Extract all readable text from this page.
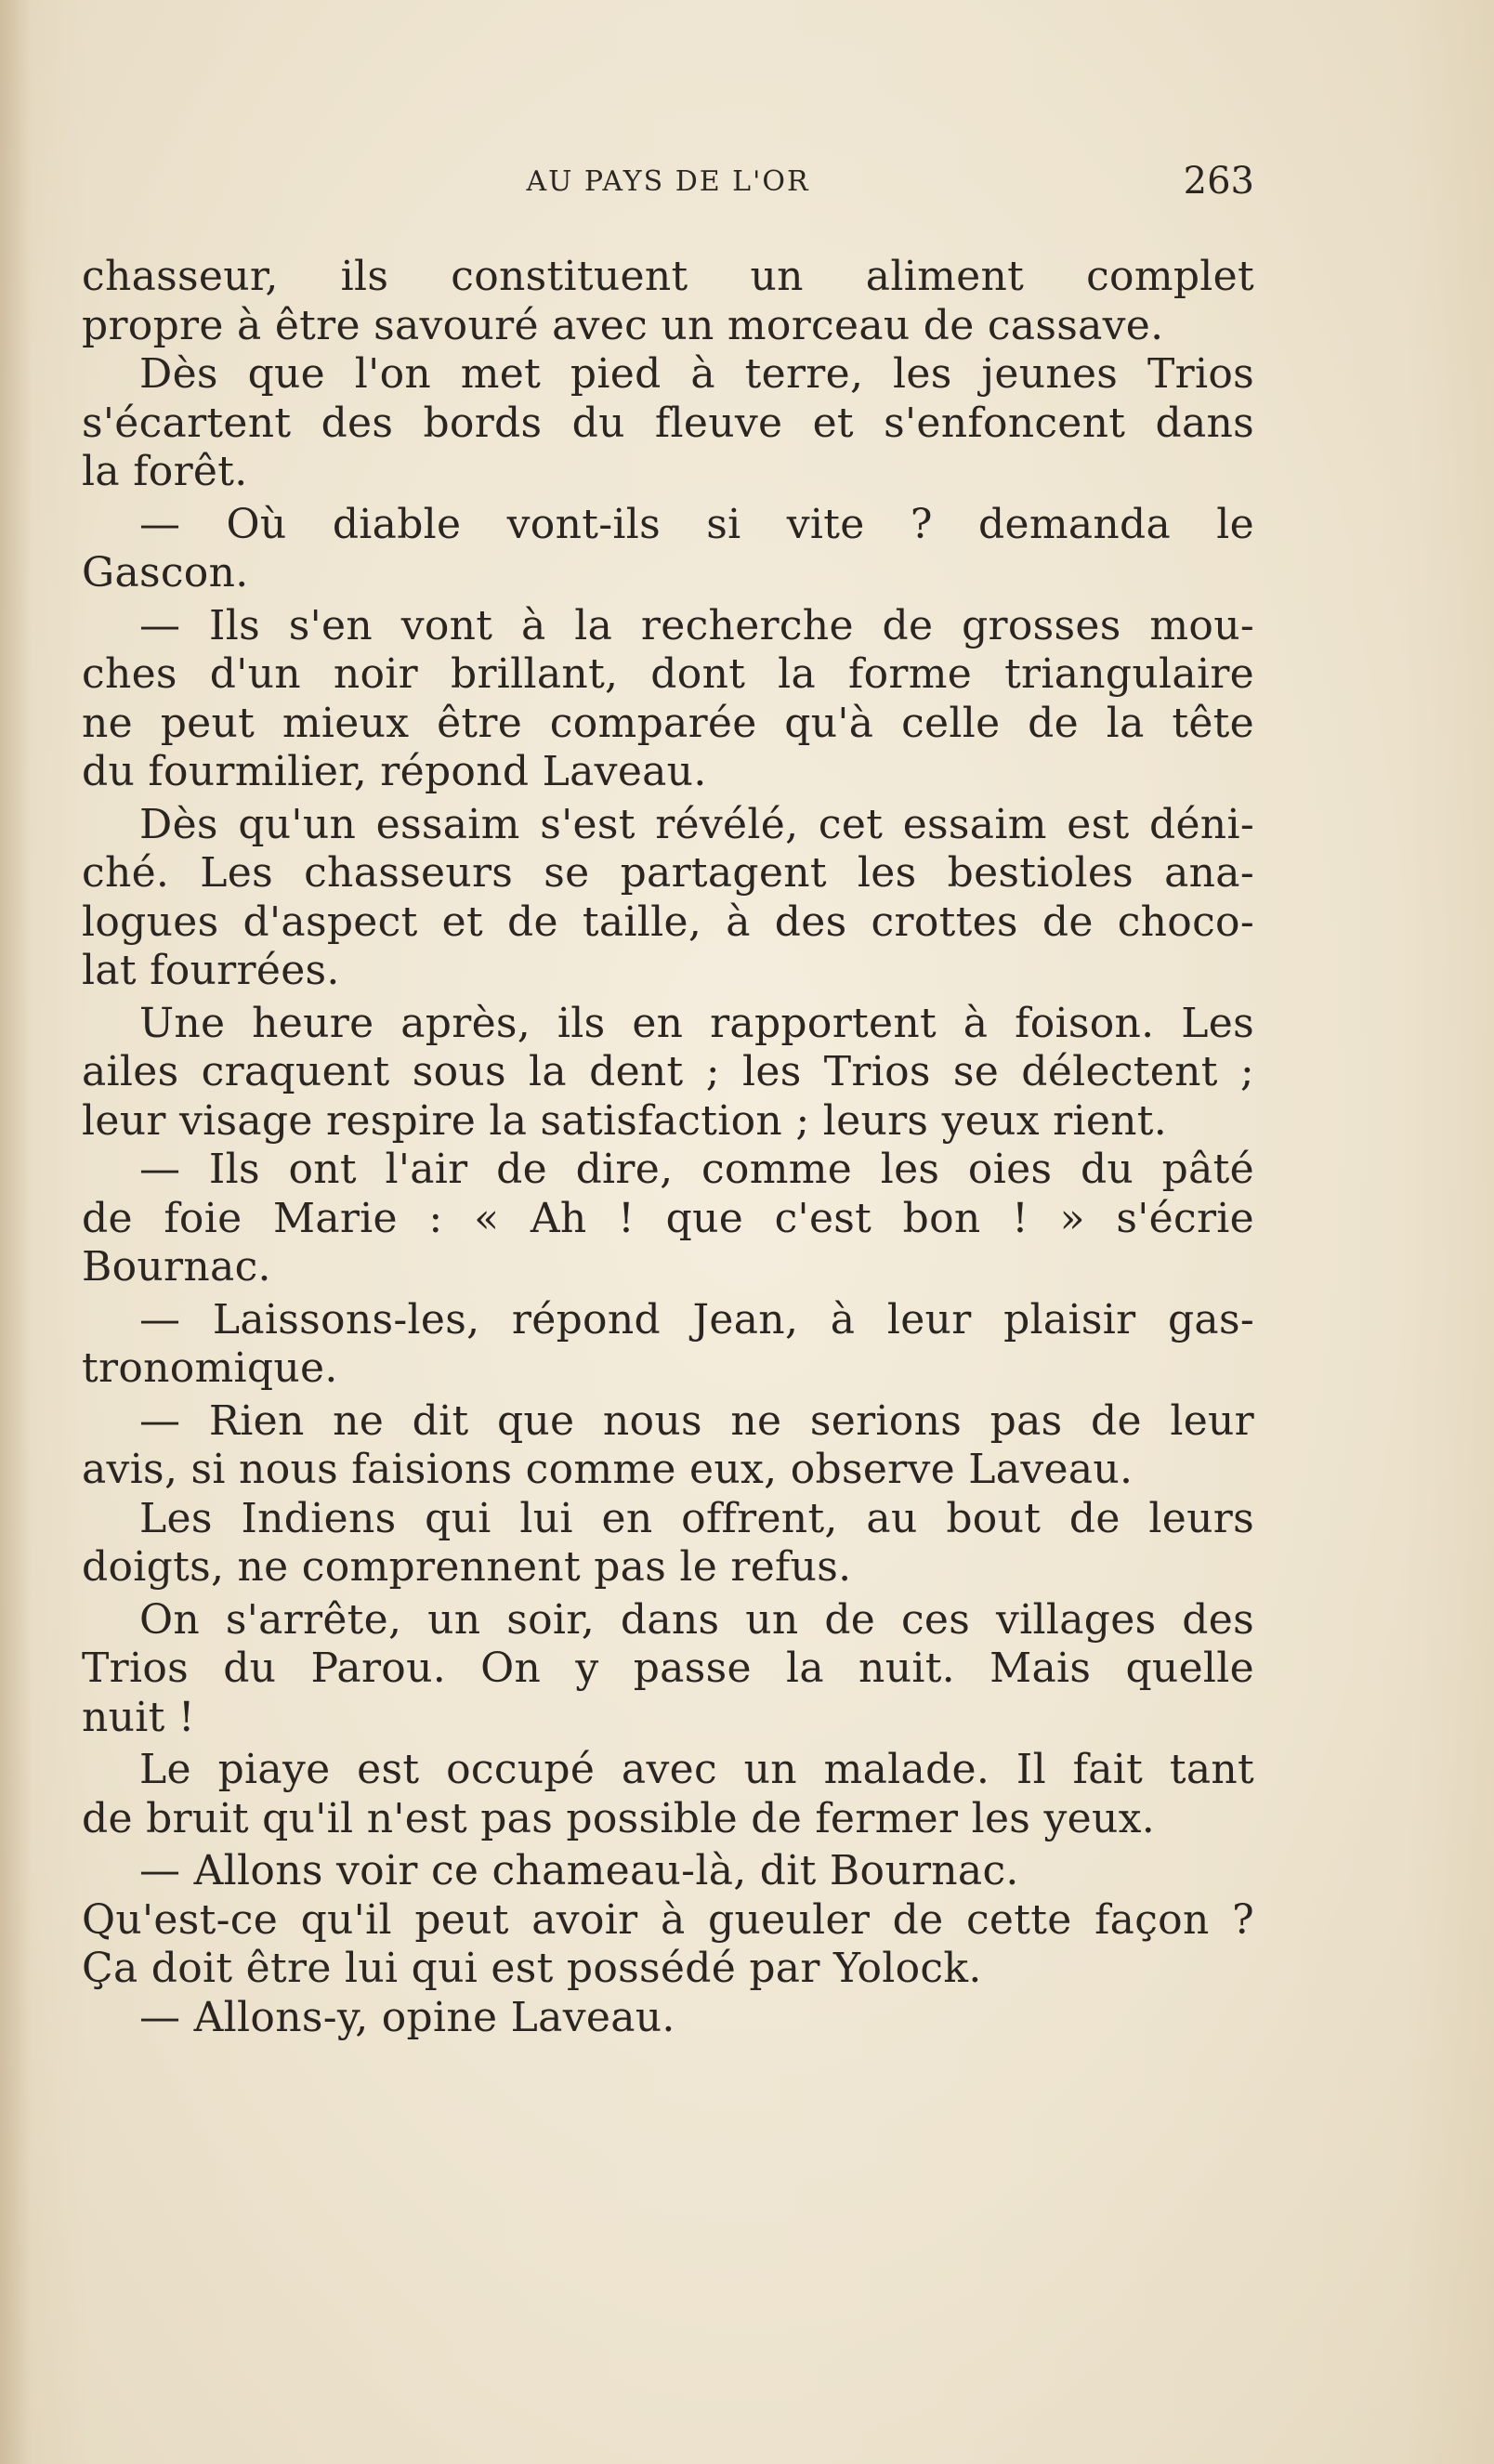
AU PAYS DE L'OR	263
chasseur, ils constituent un aliment complet
propre à être savouré avec un morceau de cassave.
Dès que l'on met pied à terre, les jeunes Trios
s'écartent des bords du fleuve et s'enfoncent dans
la forêt.
— Où diable vont-ils si vite ? demanda le
Gascon.
— Ils s'en vont à la recherche de grosses mou-
ches d'un noir brillant, dont la forme triangulaire
ne peut mieux être comparée qu'à celle de la tête
du fourmilier, répond Laveau.
Dès qu'un essaim s'est révélé, cet essaim est déni-
ché. Les chasseurs se partagent les bestioles ana-
logues d'aspect et de taille, à des crottes de choco-
lat fourrées.
Une heure après, ils en rapportent à foison. Les
ailes craquent sous la dent ; les Trios se délectent ;
leur visage respire la satisfaction ; leurs yeux rient.
— Ils ont l'air de dire, comme les oies du pâté
de foie Marie : « Ah ! que c'est bon ! » s'écrie
Bournac.
— Laissons-les, répond Jean, à leur plaisir gas-
tronomique.
— Rien ne dit que nous ne serions pas de leur
avis, si nous faisions comme eux, observe Laveau.
Les Indiens qui lui en offrent, au bout de leurs
doigts, ne comprennent pas le refus.
On s'arrête, un soir, dans un de ces villages des
Trios du Parou. On y passe la nuit. Mais quelle
nuit !
Le piaye est occupé avec un malade. Il fait tant
de bruit qu'il n'est pas possible de fermer les yeux.
— Allons voir ce chameau-là, dit Bournac.
Qu'est-ce qu'il peut avoir à gueuler de cette façon ?
Ça doit être lui qui est possédé par Yolock.
— Allons-y, opine Laveau.
